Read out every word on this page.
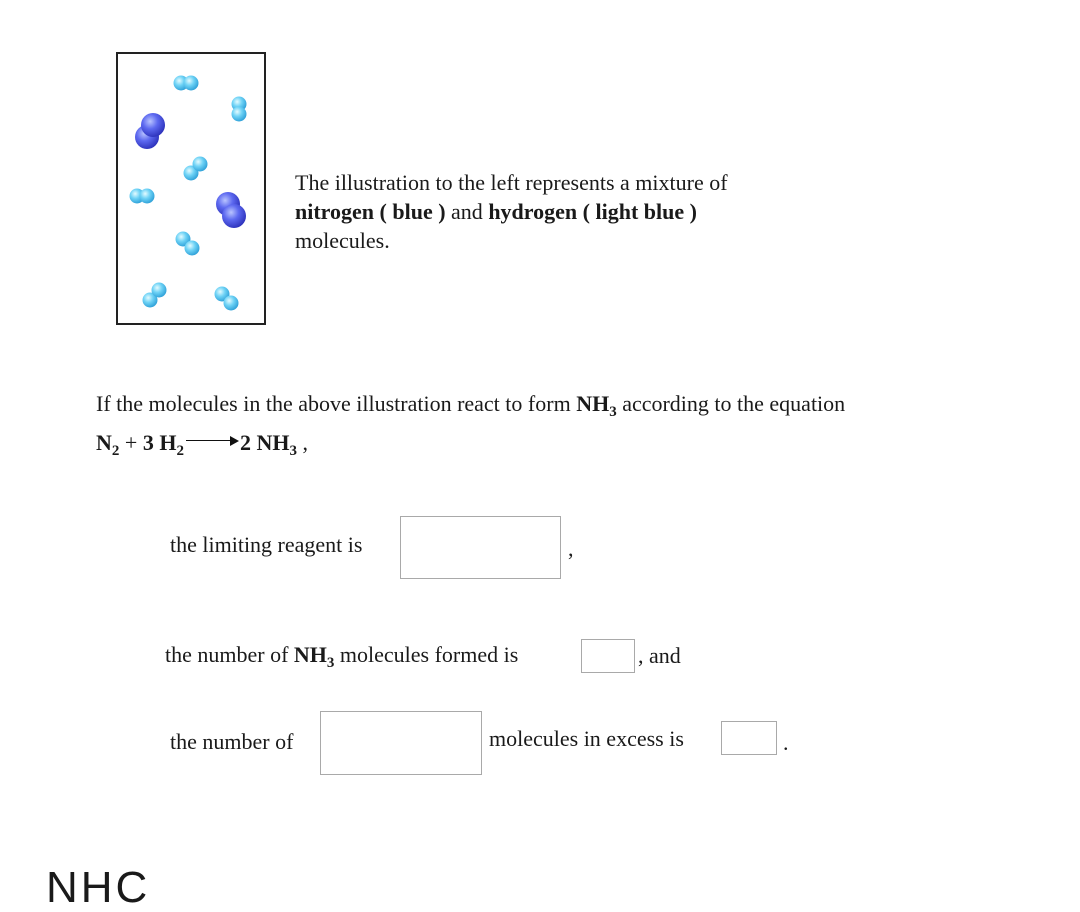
The illustration to the left represents a mixture of
nitrogen ( blue ) and hydrogen ( light blue )
molecules.
If the molecules in the above illustration react to form $NH_3$ according to the equation
$N_2 + 3$ $H_2$	2 $NH_3$ ,
the limiting reagent is	,
the number of $NH_3$ molecules formed is	, and
the number of	molecules in excess is	.
NHC
